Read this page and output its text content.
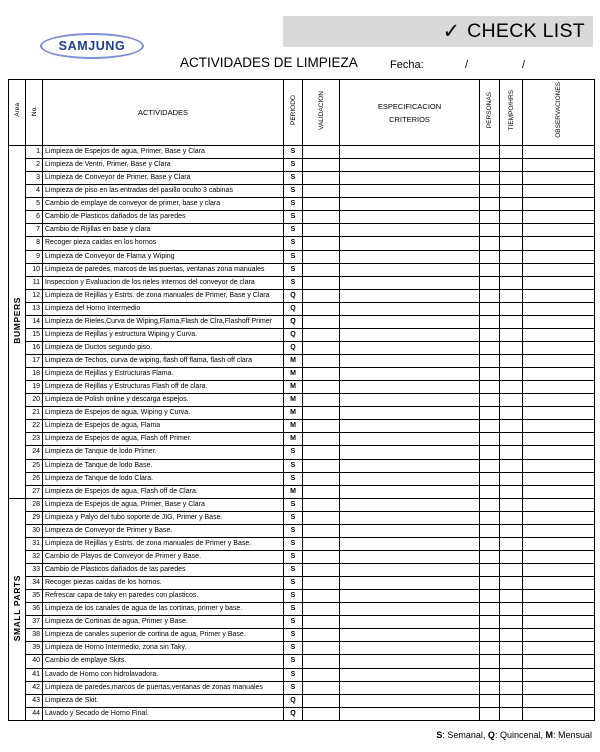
SAMJUNG
✓ CHECK LIST
ACTIVIDADES DE LIMPIEZA	Fecha:	/	/
Area	No.	ACTIVIDADES	PERIODO	VALIDACION	ESPECIFICACION
CRITERIOS	PERSONAS	TIEMPO/HRS	OBSERVACIONES
BUMPERS	1	Limpieza de Espejos de agua, Primer, Base y Clara	S					
	2	Limpieza de Ventri, Primer, Base y Clara	S					
	3	Limpieza de Conveyor de Primer, Base y Clara	S					
	4	Limpieza de piso en las entradas del pasillo oculto 3 cabinas	S					
	5	Cambio de emplaye de conveyor de primer, base y clara	S					
	6	Cambio de Plasticos dañados de las paredes	S					
	7	Cambio de Rijillas en base y clara	S					
	8	Recoger pieza caidas en los hornos	S					
	9	Limpieza de Conveyor de Flama y Wiping	S					
	10	Limpieza de paredes, marcos de las puertas, ventanas zona manuales	S					
	11	Inspeccion y Evaluacion de los rieles internos del conveyor de clara	S					
	12	Limpieza de Rejillas y Estrts. de zona manuales de Primer, Base y Clara	Q					
	13	Limpieza del Horno Intermedio	Q					
	14	Limpieza de Rieles,Curva de Wiping,Flama,Flash de Clra,Flashoff Primer	Q					
	15	Limpieza de Rejillas y estructura Wiping y Curva.	Q					
	16	Limpieza de Ductos segundo piso.	Q					
	17	Limpieza de Techos, curva de wiping, flash off flama, flash off clara	M					
	18	Limpieza de Rejillas y Estructuras Flama.	M					
	19	Limpieza de Rejillas y Estructuras Flash off de clara.	M					
	20	Limpieza de Polish online y descarga espejos.	M					
	21	Limpieza de Espejos de agua, Wiping y Curva.	M					
	22	Limpieza de Espejos de agua, Flama	M					
	23	Limpieza de Espejos de agua, Flash off Primer.	M					
	24	Limpieza de Tanque de lodo Primer.	S					
	25	Limpieza de Tanque de lodo Base.	S					
	26	Limpieza de Tanque de lodo Clara.	S					
	27	Limpieza de Espejos de agua, Flash off de Clara.	M					
SMALL PARTS	28	Limpieza de Espejos de agua, Primer, Base y Clara	S					
	29	Limpieza y Palyo del tubo soporte de JIG, Primer y Base.	S					
	30	Limpieza de Conveyor de Primer y Base.	S					
	31	Limpieza de Rejillas y Estrts. de zona manuales de Primer y Base.	S					
	32	Cambio de Playos de Conveyor de Primer y Base.	S					
	33	Cambio de Plasticos dañados de las paredes	S					
	34	Recoger piezas caidas de los hornos.	S					
	35	Refrescar capa de taky en paredes con plasticos.	S					
	36	Limpieza de los canales de agua de las cortinas, primer y base.	S					
	37	Limpieza de Cortinas de agua, Primer y Base.	S					
	38	Limpieza de canales superior de cortina de agua, Primer y Base.	S					
	39	Limpieza de Horno Intermedio, zona sin Taky.	S					
	40	Cambio de emplaye Skits.	S					
	41	Lavado de Horno con hidrolavadora.	S					
	42	Limpieza de paredes,marcos de puertas,ventanas de zonas manuales	S					
	43	Limpieza de Skit.	Q					
	44	Lavado y Secado de Horno Final.	Q					
S: Semanal, Q: Quincenal, M: Mensual
